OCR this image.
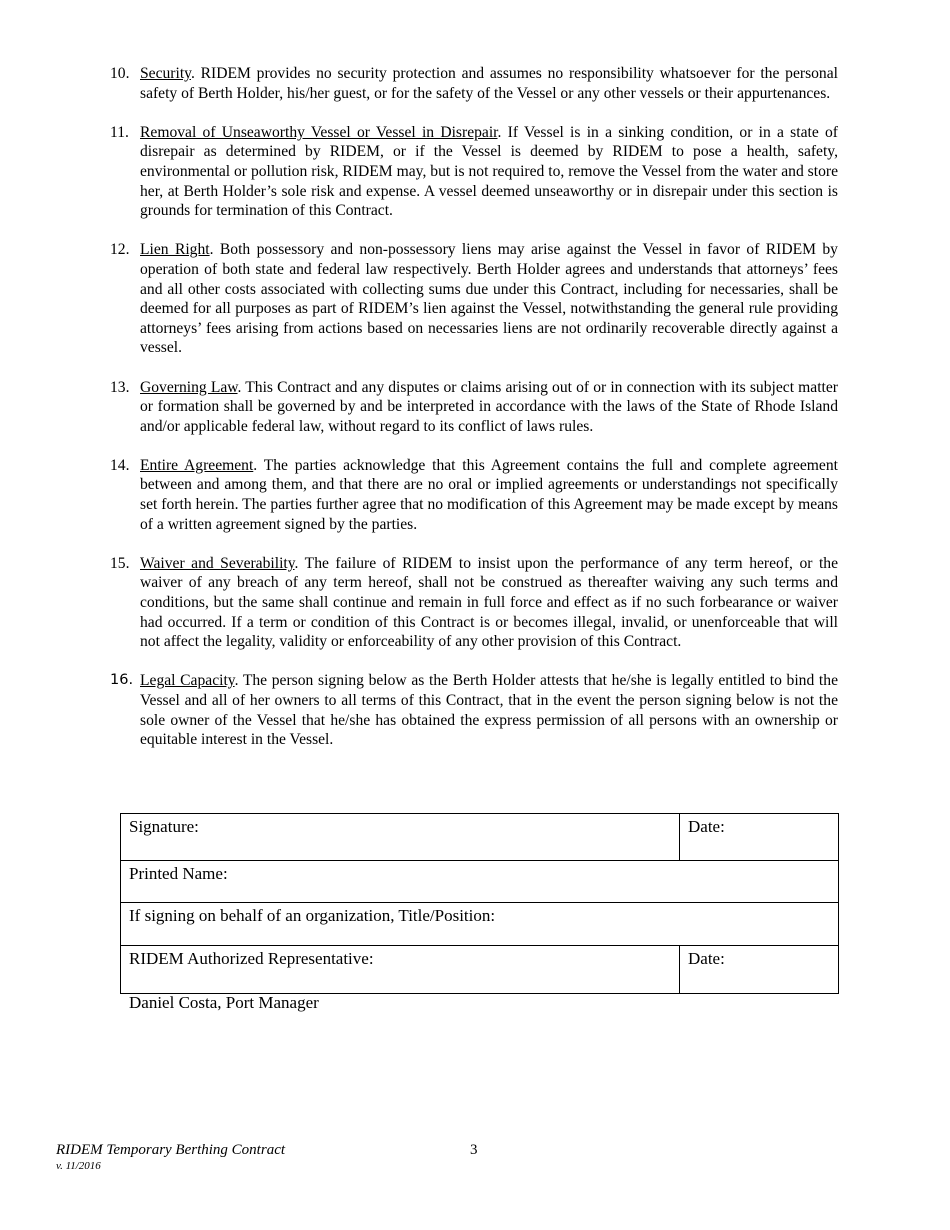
10. Security. RIDEM provides no security protection and assumes no responsibility whatsoever for the personal safety of Berth Holder, his/her guest, or for the safety of the Vessel or any other vessels or their appurtenances.
11. Removal of Unseaworthy Vessel or Vessel in Disrepair. If Vessel is in a sinking condition, or in a state of disrepair as determined by RIDEM, or if the Vessel is deemed by RIDEM to pose a health, safety, environmental or pollution risk, RIDEM may, but is not required to, remove the Vessel from the water and store her, at Berth Holder’s sole risk and expense. A vessel deemed unseaworthy or in disrepair under this section is grounds for termination of this Contract.
12. Lien Right. Both possessory and non-possessory liens may arise against the Vessel in favor of RIDEM by operation of both state and federal law respectively. Berth Holder agrees and understands that attorneys’ fees and all other costs associated with collecting sums due under this Contract, including for necessaries, shall be deemed for all purposes as part of RIDEM’s lien against the Vessel, notwithstanding the general rule providing attorneys’ fees arising from actions based on necessaries liens are not ordinarily recoverable directly against a vessel.
13. Governing Law. This Contract and any disputes or claims arising out of or in connection with its subject matter or formation shall be governed by and be interpreted in accordance with the laws of the State of Rhode Island and/or applicable federal law, without regard to its conflict of laws rules.
14. Entire Agreement. The parties acknowledge that this Agreement contains the full and complete agreement between and among them, and that there are no oral or implied agreements or understandings not specifically set forth herein. The parties further agree that no modification of this Agreement may be made except by means of a written agreement signed by the parties.
15. Waiver and Severability. The failure of RIDEM to insist upon the performance of any term hereof, or the waiver of any breach of any term hereof, shall not be construed as thereafter waiving any such terms and conditions, but the same shall continue and remain in full force and effect as if no such forbearance or waiver had occurred. If a term or condition of this Contract is or becomes illegal, invalid, or unenforceable that will not affect the legality, validity or enforceability of any other provision of this Contract.
16. Legal Capacity. The person signing below as the Berth Holder attests that he/she is legally entitled to bind the Vessel and all of her owners to all terms of this Contract, that in the event the person signing below is not the sole owner of the Vessel that he/she has obtained the express permission of all persons with an ownership or equitable interest in the Vessel.
Signature:	Date:
Printed Name:	
If signing on behalf of an organization, Title/Position:	
RIDEM Authorized Representative:	Date:
Daniel Costa, Port Manager
RIDEM Temporary Berthing Contract
v. 11/2016
3
